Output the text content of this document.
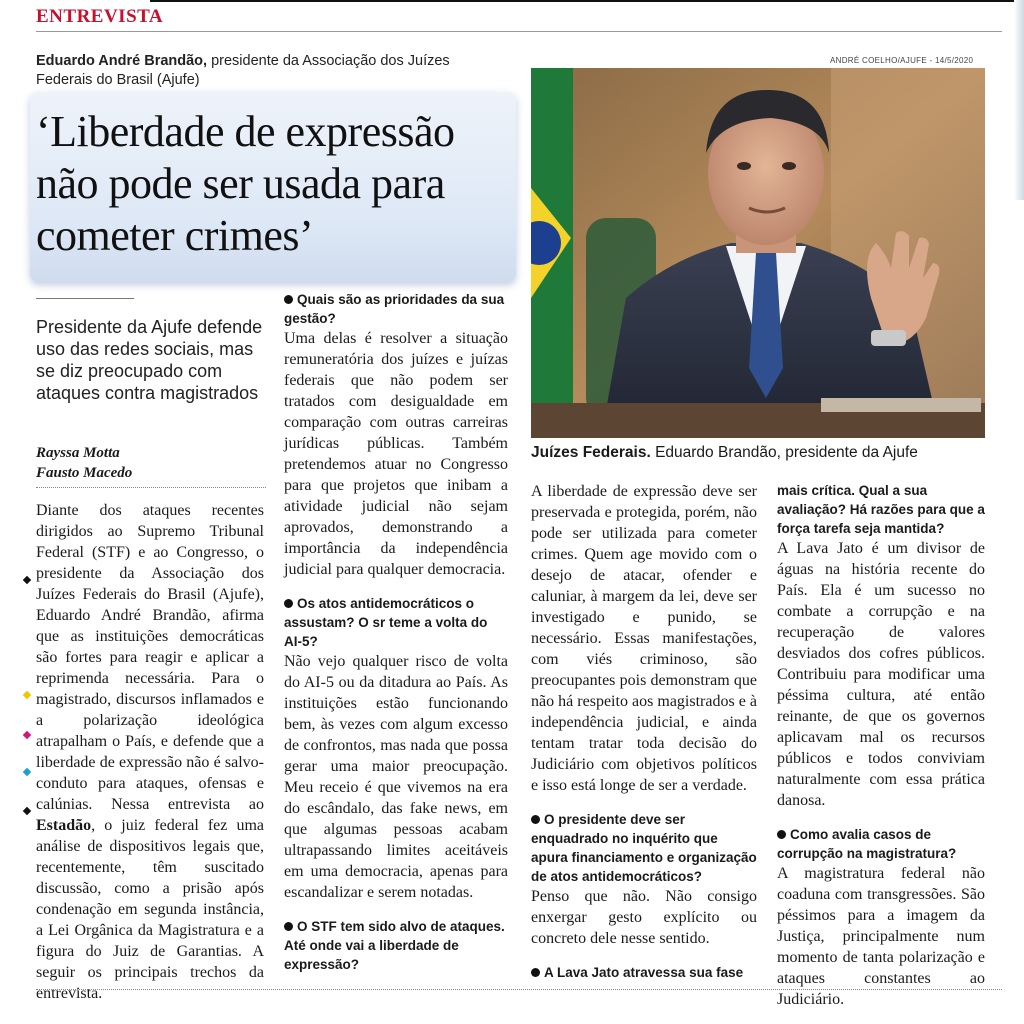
ENTREVISTA
Eduardo André Brandão, presidente da Associação dos Juízes Federais do Brasil (Ajufe)
‘Liberdade de expressão não pode ser usada para cometer crimes’
Presidente da Ajufe defende uso das redes sociais, mas se diz preocupado com ataques contra magistrados
Rayssa Motta
Fausto Macedo
Diante dos ataques recentes dirigidos ao Supremo Tribunal Federal (STF) e ao Congresso, o presidente da Associação dos Juízes Federais do Brasil (Ajufe), Eduardo André Brandão, afirma que as instituições democráticas são fortes para reagir e aplicar a reprimenda necessária. Para o magistrado, discursos inflamados e a polarização ideológica atrapalham o País, e defende que a liberdade de expressão não é salvo-conduto para ataques, ofensas e calúnias. Nessa entrevista ao Estadão, o juiz federal fez uma análise de dispositivos legais que, recentemente, têm suscitado discussão, como a prisão após condenação em segunda instância, a Lei Orgânica da Magistratura e a figura do Juiz de Garantias. A seguir os principais trechos da entrevista.

Quais são as prioridades da sua gestão?

Uma delas é resolver a situação remuneratória dos juízes e juízas federais que não podem ser tratados com desigualdade em comparação com outras carreiras jurídicas públicas. Também pretendemos atuar no Congresso para que projetos que inibam a atividade judicial não sejam aprovados, demonstrando a importância da independência judicial para qualquer democracia.

Os atos antidemocráticos o assustam? O sr teme a volta do AI-5?

Não vejo qualquer risco de volta do AI-5 ou da ditadura ao País. As instituições estão funcionando bem, às vezes com algum excesso de confrontos, mas nada que possa gerar uma maior preocupação. Meu receio é que vivemos na era do escândalo, das fake news, em que algumas pessoas acabam ultrapassando limites aceitáveis em uma democracia, apenas para escandalizar e serem notadas.

O STF tem sido alvo de ataques. Até onde vai a liberdade de expressão?

ANDRÉ COELHO/AJUFE - 14/5/2020
Juízes Federais. Eduardo Brandão, presidente da Ajufe

A liberdade de expressão deve ser preservada e protegida, porém, não pode ser utilizada para cometer crimes. Quem age movido com o desejo de atacar, ofender e caluniar, à margem da lei, deve ser investigado e punido, se necessário. Essas manifestações, com viés criminoso, são preocupantes pois demonstram que não há respeito aos magistrados e à independência judicial, e ainda tentam tratar toda decisão do Judiciário com objetivos políticos e isso está longe de ser a verdade.

O presidente deve ser enquadrado no inquérito que apura financiamento e organização de atos antidemocráticos?

Penso que não. Não consigo enxergar gesto explícito ou concreto dele nesse sentido.

A Lava Jato atravessa sua fase

mais crítica. Qual a sua avaliação? Há razões para que a força tarefa seja mantida?

A Lava Jato é um divisor de águas na história recente do País. Ela é um sucesso no combate a corrupção e na recuperação de valores desviados dos cofres públicos. Contribuiu para modificar uma péssima cultura, até então reinante, de que os governos aplicavam mal os recursos públicos e todos conviviam naturalmente com essa prática danosa.

Como avalia casos de corrupção na magistratura?

A magistratura federal não coaduna com transgressões. São péssimos para a imagem da Justiça, principalmente num momento de tanta polarização e ataques constantes ao Judiciário.
